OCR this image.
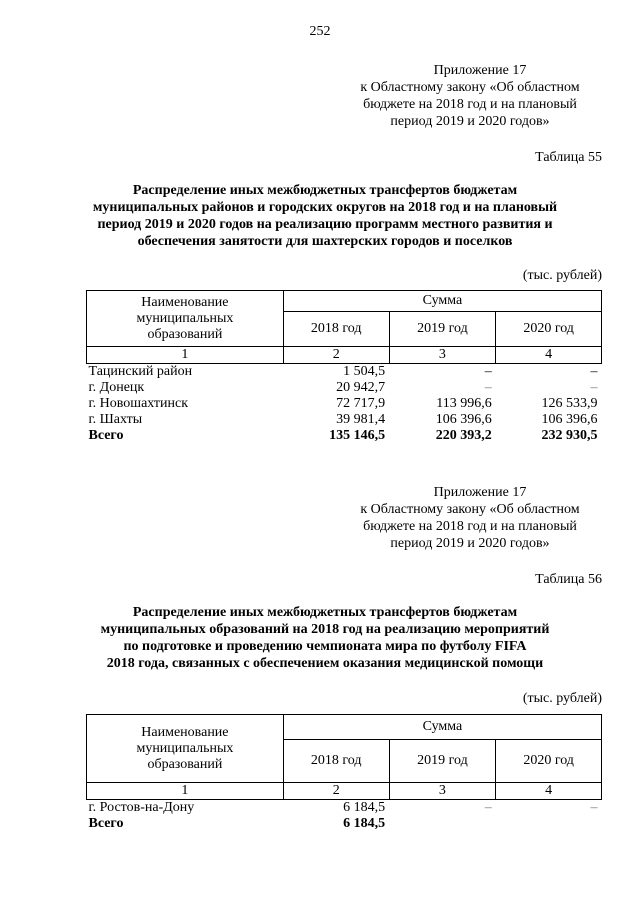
252
Приложение 17
к Областному закону «Об областном
бюджете на 2018 год и на плановый
период 2019 и 2020 годов»
Таблица 55
Распределение иных межбюджетных трансфертов бюджетам
муниципальных районов и городских округов на 2018 год и на плановый
период 2019 и 2020 годов на реализацию программ местного развития и
обеспечения занятости для шахтерских городов и поселков
(тыс. рублей)
Наименование муниципальных образований	Сумма		
	2018 год	2019 год	2020 год
1	2	3	4
Тацинский район	1 504,5	–	–
г. Донецк	20 942,7	–	–
г. Новошахтинск	72 717,9	113 996,6	126 533,9
г. Шахты	39 981,4	106 396,6	106 396,6
Всего	135 146,5	220 393,2	232 930,5
Приложение 17
к Областному закону «Об областном
бюджете на 2018 год и на плановый
период 2019 и 2020 годов»
Таблица 56
Распределение иных межбюджетных трансфертов бюджетам
муниципальных образований на 2018 год на реализацию мероприятий
по подготовке и проведению чемпионата мира по футболу FIFA
2018 года, связанных с обеспечением оказания медицинской помощи
(тыс. рублей)
Наименование муниципальных образований	Сумма		
	2018 год	2019 год	2020 год
1	2	3	4
г. Ростов-на-Дону	6 184,5	–	–
Всего	6 184,5		
